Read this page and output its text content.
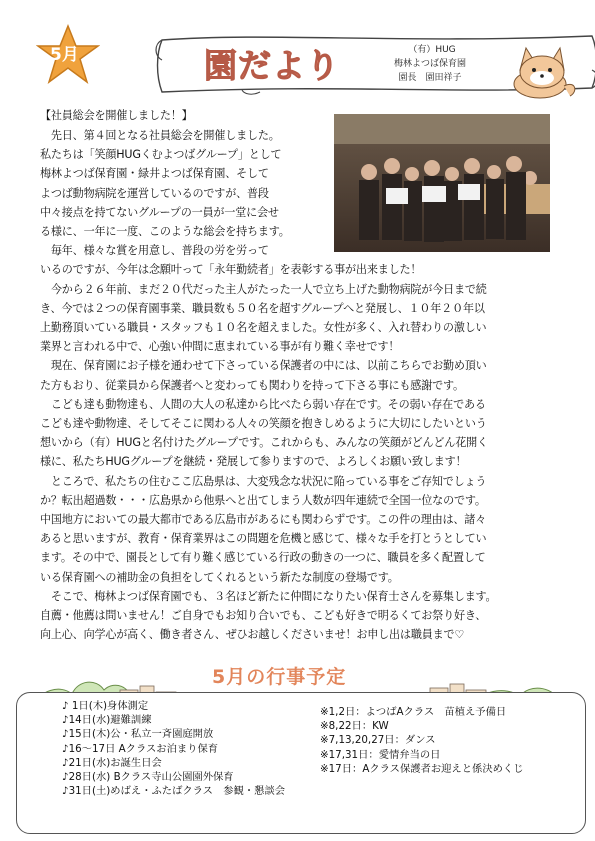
5月	園だより	（有）HUG
梅林よつば保育園
園長　園田祥子
【社員総会を開催しました！】
　先日、第４回となる社員総会を開催しました。
私たちは「笑顔HUGくむよつばグループ」として
梅林よつば保育園・緑井よつば保育園、そして
よつば動物病院を運営しているのですが、普段
中々接点を持てないグループの一員が一堂に会せ
る様に、一年に一度、このような総会を持ちます。
　毎年、様々な賞を用意し、普段の労を労って
いるのですが、今年は念願叶って「永年勤続者」を表彰する事が出来ました！
　今から２６年前、まだ２０代だった主人がたった一人で立ち上げた動物病院が今日まで続
き、今では２つの保育園事業、職員数も５０名を超すグループへと発展し、１０年２０年以
上勤務頂いている職員・スタッフも１０名を超えました。女性が多く、入れ替わりの激しい
業界と言われる中で、心強い仲間に恵まれている事が有り難く幸せです！
　現在、保育園にお子様を通わせて下さっている保護者の中には、以前こちらでお勤め頂い
た方もおり、従業員から保護者へと変わっても関わりを持って下さる事にも感謝です。
　こども達も動物達も、人間の大人の私達から比べたら弱い存在です。その弱い存在である
こども達や動物達、そしてそこに関わる人々の笑顔を抱きしめるように大切にしたいという
想いから（有）HUGと名付けたグループです。これからも、みんなの笑顔がどんどん花開く
様に、私たちHUGグループを継続・発展して参りますので、よろしくお願い致します！
　ところで、私たちの住むここ広島県は、大変残念な状況に陥っている事をご存知でしょう
か？転出超過数・・・広島県から他県へと出てしまう人数が四年連続で全国一位なのです。
中国地方においての最大都市である広島市があるにも関わらずです。この件の理由は、諸々
あると思いますが、教育・保育業界はこの問題を危機と感じて、様々な手を打とうとしてい
ます。その中で、園長として有り難く感じている行政の動きの一つに、職員を多く配置して
いる保育園への補助金の負担をしてくれるという新たな制度の登場です。
　そこで、梅林よつば保育園でも、３名ほど新たに仲間になりたい保育士さんを募集します。
自薦・他薦は問いません！ご自身でもお知り合いでも、こども好きで明るくてお祭り好き、
向上心、向学心が高く、働き者さん、ぜひお越しくださいませ！お申し出は職員まで♡
5月の行事予定
♪ 1日(木)身体測定
♪14日(水)避難訓練
♪15日(木)公・私立一斉園庭開放
♪16～17日 Aクラスお泊まり保育
♪21日(水)お誕生日会
♪28日(水) Bクラス寺山公園園外保育
♪31日(土)めばえ・ふたばクラス　参観・懇談会
※1,2日：よつばAクラス　苗植え予備日
※8,22日：KW
※7,13,20,27日：ダンス
※17,31日：愛情弁当の日
※17日：Aクラス保護者お迎えと係決めくじ
